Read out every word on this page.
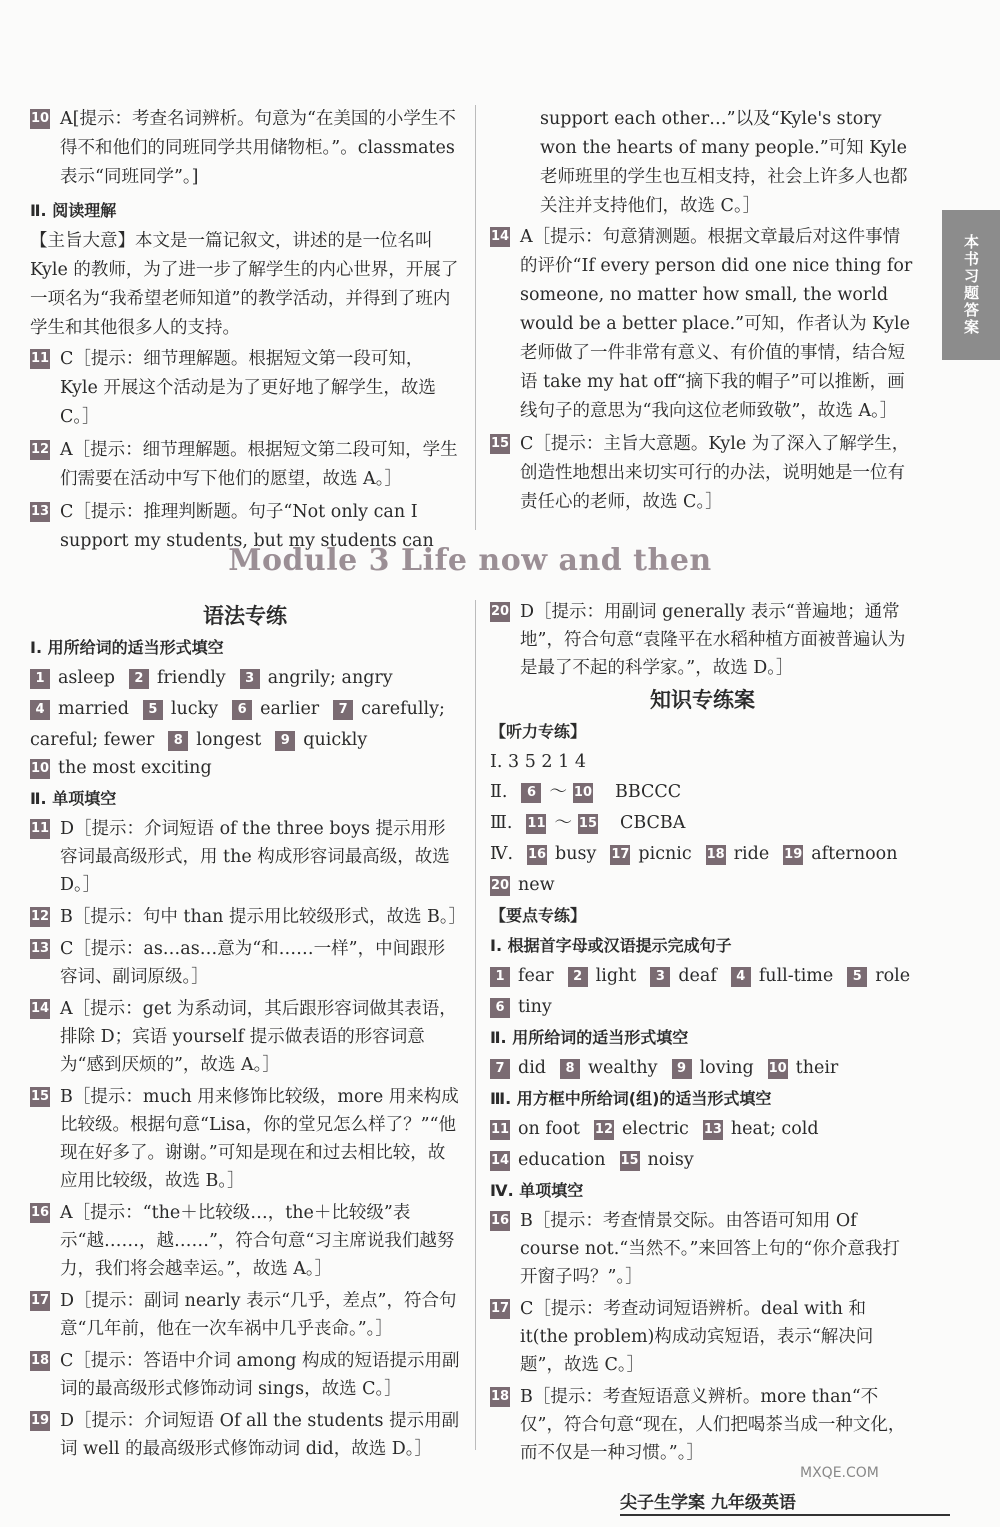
本书习题答案
10 A[提示：考查名词辨析。句意为“在美国的小学生不得不和他们的同班同学共用储物柜。”。classmates 表示“同班同学”。]
Ⅱ. 阅读理解
【主旨大意】本文是一篇记叙文，讲述的是一位名叫 Kyle 的教师，为了进一步了解学生的内心世界，开展了一项名为“我希望老师知道”的教学活动，并得到了班内学生和其他很多人的支持。
11 C［提示：细节理解题。根据短文第一段可知，Kyle 开展这个活动是为了更好地了解学生，故选 C。］
12 A［提示：细节理解题。根据短文第二段可知，学生们需要在活动中写下他们的愿望，故选 A。］
13 C［提示：推理判断题。句子“Not only can I support my students, but my students can
support each other…”以及“Kyle's story won the hearts of many people.”可知 Kyle 老师班里的学生也互相支持，社会上许多人也都关注并支持他们，故选 C。］
14 A［提示：句意猜测题。根据文章最后对这件事情的评价“If every person did one nice thing for someone, no matter how small, the world would be a better place.”可知，作者认为 Kyle 老师做了一件非常有意义、有价值的事情，结合短语 take my hat off“摘下我的帽子”可以推断，画线句子的意思为“我向这位老师致敬”，故选 A。］
15 C［提示：主旨大意题。Kyle 为了深入了解学生，创造性地想出来切实可行的办法，说明她是一位有责任心的老师，故选 C。］
Module 3 Life now and then
语法专练
Ⅰ. 用所给词的适当形式填空
1 asleep	2 friendly	3 angrily; angry
4 married	5 lucky	6 earlier	7 carefully;
careful; fewer	8 longest	9 quickly
10 the most exciting
Ⅱ. 单项填空
11 D［提示：介词短语 of the three boys 提示用形容词最高级形式，用 the 构成形容词最高级，故选 D。］
12 B［提示：句中 than 提示用比较级形式，故选 B。］
13 C［提示：as…as…意为“和……一样”，中间跟形容词、副词原级。］
14 A［提示：get 为系动词，其后跟形容词做其表语，排除 D；宾语 yourself 提示做表语的形容词意为“感到厌烦的”，故选 A。］
15 B［提示：much 用来修饰比较级，more 用来构成比较级。根据句意“Lisa，你的堂兄怎么样了？”“他现在好多了。谢谢。”可知是现在和过去相比较，故应用比较级，故选 B。］
16 A［提示：“the＋比较级…，the＋比较级”表示“越……，越……”，符合句意“习主席说我们越努力，我们将会越幸运。”，故选 A。］
17 D［提示：副词 nearly 表示“几乎，差点”，符合句意“几年前，他在一次车祸中几乎丧命。”。］
18 C［提示：答语中介词 among 构成的短语提示用副词的最高级形式修饰动词 sings，故选 C。］
19 D［提示：介词短语 Of all the students 提示用副词 well 的最高级形式修饰动词 did，故选 D。］
20 D［提示：用副词 generally 表示“普遍地；通常地”，符合句意“袁隆平在水稻种植方面被普遍认为是最了不起的科学家。”，故选 D。］
知识专练案
【听力专练】
Ⅰ. 3 5 2 1 4
Ⅱ.	6 ～ 10	BBCCC
Ⅲ. 11 ～ 15	CBCBA
Ⅳ. 16 busy 17 picnic 18 ride 19 afternoon
20 new
【要点专练】
Ⅰ. 根据首字母或汉语提示完成句子
1 fear	2 light	3 deaf	4 full-time	5 role
6 tiny
Ⅱ. 用所给词的适当形式填空
7 did	8 wealthy	9 loving 10 their
Ⅲ. 用方框中所给词(组)的适当形式填空
11 on foot 12 electric 13 heat; cold
14 education 15 noisy
Ⅳ. 单项填空
16 B［提示：考查情景交际。由答语可知用 Of course not.“当然不。”来回答上句的“你介意我打开窗子吗？”。］
17 C［提示：考查动词短语辨析。deal with 和 it(the problem)构成动宾短语，表示“解决问题”，故选 C。］
18 B［提示：考查短语意义辨析。more than“不仅”，符合句意“现在，人们把喝茶当成一种文化，而不仅是一种习惯。”。］
尖子生学案 九年级英语
MXQE.COM
